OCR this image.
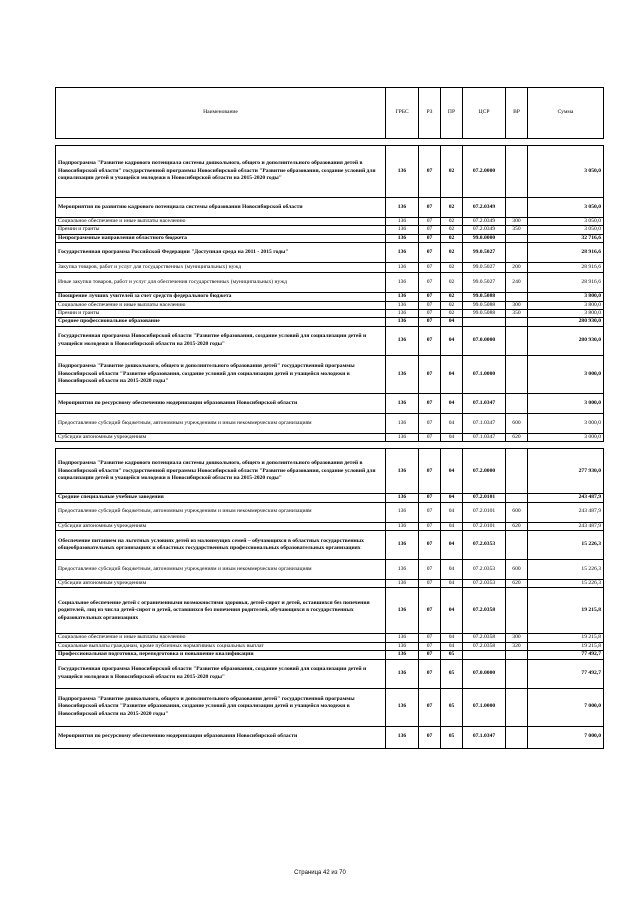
Наименование	ГРБС	РЗ	ПР	ЦСР	ВР	Сумма

Подпрограмма "Развитие кадрового потенциала системы дошкольного, общего и дополнительного образования детей в Новосибирской области" государственной программы Новосибирской области "Развитие образования, создание условий для социализации детей и учащейся молодежи в Новосибирской области на 2015-2020 годы"	136	07	02	07.2.0000		3 050,0
Мероприятия по развитию кадрового потенциала системы образования Новосибирской области	136	07	02	07.2.0349		3 050,0
Социальное обеспечение и иные выплаты населению	136	07	02	07.2.0349	300	3 050,0
Премии и гранты	136	07	02	07.2.0349	350	3 050,0
Непрограммные направления областного бюджета	136	07	02	99.0.0000		32 716,6
Государственная программа Российской Федерации "Доступная среда на 2011 - 2015 годы"	136	07	02	99.0.5027		28 916,6
Закупка товаров, работ и услуг для государственных (муниципальных) нужд	136	07	02	99.0.5027	200	28 916,6
Иные закупки товаров, работ и услуг для обеспечения государственных (муниципальных) нужд	136	07	02	99.0.5027	240	28 916,6
Поощрение лучших учителей за счет средств федерального бюджета	136	07	02	99.0.5088		3 800,0
Социальное обеспечение и иные выплаты населению	136	07	02	99.0.5088	300	3 800,0
Премии и гранты	136	07	02	99.0.5088	350	3 800,0
Среднее профессиональное образование	136	07	04			280 930,0
Государственная программа Новосибирской области "Развитие образования, создание условий для социализации детей и учащейся молодежи в Новосибирской области на 2015-2020 годы"	136	07	04	07.0.0000		280 930,0
Подпрограмма "Развитие дошкольного, общего и дополнительного образования детей" государственной программы Новосибирской области "Развитие образования, создание условий для социализации детей и учащейся молодежи в Новосибирской области на 2015-2020 годы"	136	07	04	07.1.0000		3 000,0
Мероприятия по ресурсному обеспечению модернизации образования Новосибирской области	136	07	04	07.1.0347		3 000,0
Предоставление субсидий бюджетным, автономным учреждениям и иным некоммерческим организациям	136	07	04	07.1.0347	600	3 000,0
Субсидии автономным учреждениям	136	07	04	07.1.0347	620	3 000,0

Подпрограмма "Развитие кадрового потенциала системы дошкольного, общего и дополнительного образования детей в Новосибирской области" государственной программы Новосибирской области "Развитие образования, создание условий для социализации детей и учащейся молодежи в Новосибирской области на 2015-2020 годы"	136	07	04	07.2.0000		277 930,0
Средние специальные учебные заведения	136	07	04	07.2.0101		243 487,9
Предоставление субсидий бюджетным, автономным учреждениям и иным некоммерческим организациям	136	07	04	07.2.0101	600	243 487,9
Субсидии автономным учреждениям	136	07	04	07.2.0101	620	243 487,9
Обеспечение питанием на льготных условиях детей из малоимущих семей – обучающихся в областных государственных общеобразовательных организациях и областных государственных профессиональных образовательных организациях	136	07	04	07.2.0353		15 226,3
Предоставление субсидий бюджетным, автономным учреждениям и иным некоммерческим организациям	136	07	04	07.2.0353	600	15 226,3
Субсидии автономным учреждениям	136	07	04	07.2.0353	620	15 226,3
Социальное обеспечение детей с ограниченными возможностями здоровья, детей-сирот и детей, оставшихся без попечения родителей, лиц из числа детей-сирот и детей, оставшихся без попечения родителей, обучающихся в государственных образовательных организациях	136	07	04	07.2.0358		19 215,8
Социальное обеспечение и иные выплаты населению	136	07	04	07.2.0358	300	19 215,8
Социальные выплаты гражданам, кроме публичных нормативных социальных выплат	136	07	04	07.2.0358	320	19 215,8
Профессиональная подготовка, переподготовка и повышение квалификации	136	07	05			77 492,7
Государственная программа Новосибирской области "Развитие образования, создание условий для социализации детей и учащейся молодежи в Новосибирской области на 2015-2020 годы"	136	07	05	07.0.0000		77 492,7
Подпрограмма "Развитие дошкольного, общего и дополнительного образования детей" государственной программы Новосибирской области "Развитие образования, создание условий для социализации детей и учащейся молодежи в Новосибирской области на 2015-2020 годы"	136	07	05	07.1.0000		7 000,0
Мероприятия по ресурсному обеспечению модернизации образования Новосибирской области	136	07	05	07.1.0347		7 000,0
Страница 42 из 70
